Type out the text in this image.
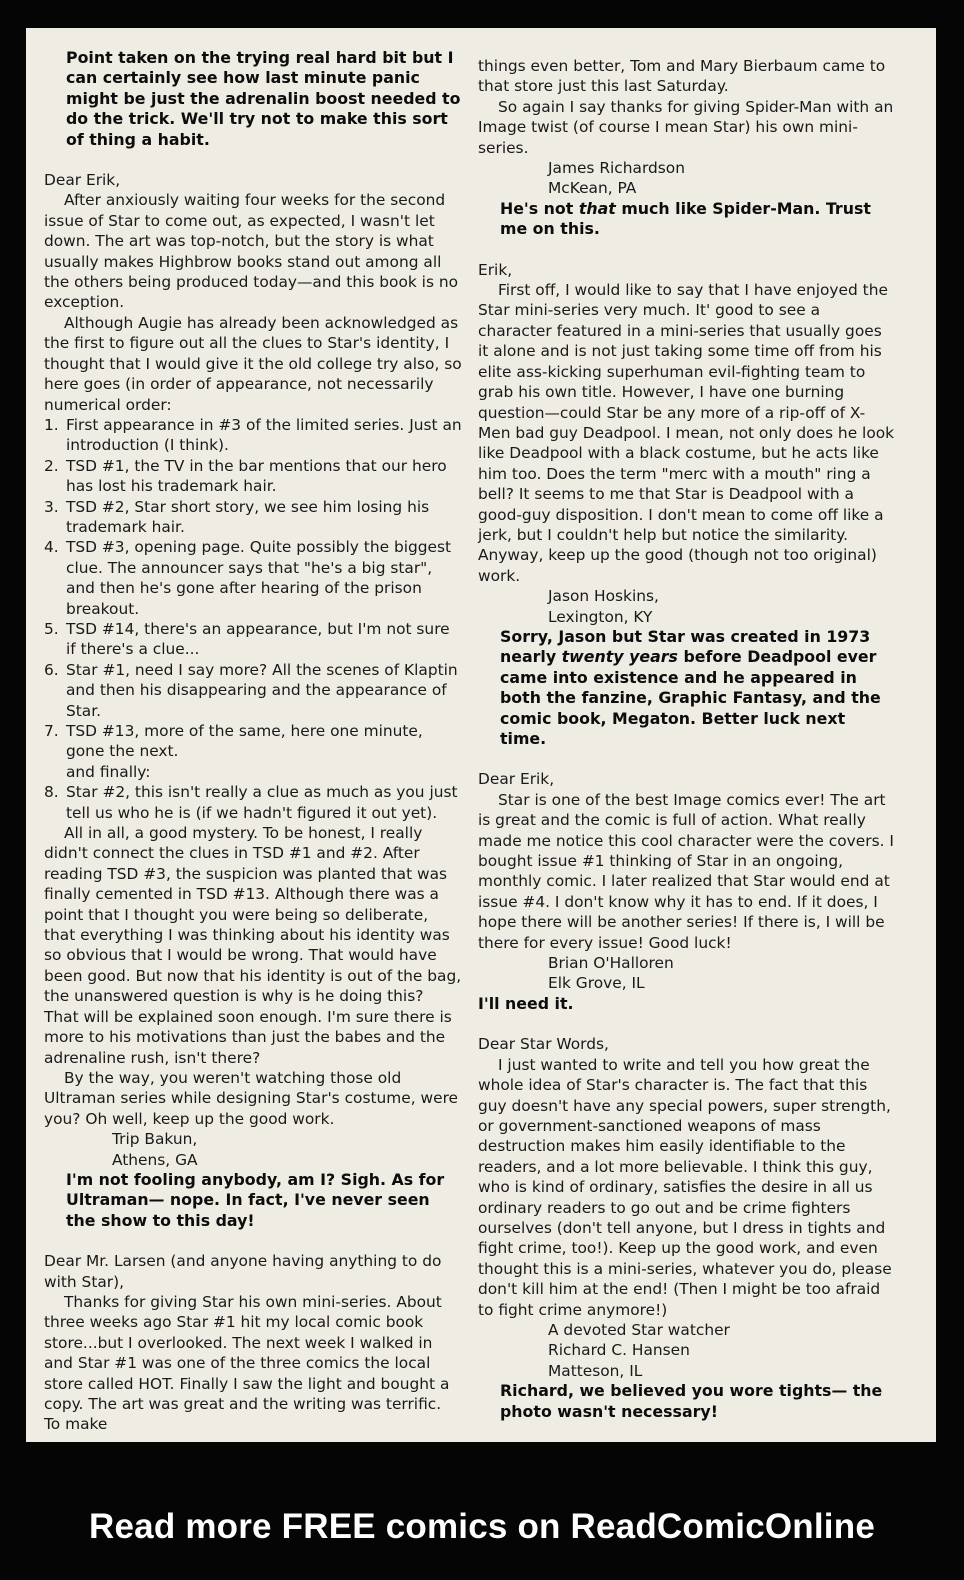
Point taken on the trying real hard bit but I can certainly see how last minute panic might be just the adrenalin boost needed to do the trick. We'll try not to make this sort of thing a habit.

Dear Erik,

After anxiously waiting four weeks for the second issue of Star to come out, as expected, I wasn't let down. The art was top-notch, but the story is what usually makes Highbrow books stand out among all the others being produced today—and this book is no exception.

Although Augie has already been acknowledged as the first to figure out all the clues to Star's identity, I thought that I would give it the old college try also, so here goes (in order of appearance, not necessarily numerical order:

1. First appearance in #3 of the limited series. Just an introduction (I think).
2. TSD #1, the TV in the bar mentions that our hero has lost his trademark hair.
3. TSD #2, Star short story, we see him losing his trademark hair.
4. TSD #3, opening page. Quite possibly the biggest clue. The announcer says that "he's a big star", and then he's gone after hearing of the prison breakout.
5. TSD #14, there's an appearance, but I'm not sure if there's a clue...
6. Star #1, need I say more? All the scenes of Klaptin and then his disappearing and the appearance of Star.
7. TSD #13, more of the same, here one minute, gone the next.
and finally:
8. Star #2, this isn't really a clue as much as you just tell us who he is (if we hadn't figured it out yet).

All in all, a good mystery. To be honest, I really didn't connect the clues in TSD #1 and #2. After reading TSD #3, the suspicion was planted that was finally cemented in TSD #13. Although there was a point that I thought you were being so deliberate, that everything I was thinking about his identity was so obvious that I would be wrong. That would have been good. But now that his identity is out of the bag, the unanswered question is why is he doing this? That will be explained soon enough. I'm sure there is more to his motivations than just the babes and the adrenaline rush, isn't there?

By the way, you weren't watching those old Ultraman series while designing Star's costume, were you? Oh well, keep up the good work.

Trip Bakun,

Athens, GA

I'm not fooling anybody, am I? Sigh. As for Ultraman— nope. In fact, I've never seen the show to this day!

Dear Mr. Larsen (and anyone having anything to do with Star),

Thanks for giving Star his own mini-series. About three weeks ago Star #1 hit my local comic book store...but I overlooked. The next week I walked in and Star #1 was one of the three comics the local store called HOT. Finally I saw the light and bought a copy. The art was great and the writing was terrific. To make

things even better, Tom and Mary Bierbaum came to that store just this last Saturday.

So again I say thanks for giving Spider-Man with an Image twist (of course I mean Star) his own mini-series.

James Richardson

McKean, PA

He's not that much like Spider-Man. Trust me on this.

Erik,

First off, I would like to say that I have enjoyed the Star mini-series very much. It' good to see a character featured in a mini-series that usually goes it alone and is not just taking some time off from his elite ass-kicking superhuman evil-fighting team to grab his own title. However, I have one burning question—could Star be any more of a rip-off of X-Men bad guy Deadpool. I mean, not only does he look like Deadpool with a black costume, but he acts like him too. Does the term "merc with a mouth" ring a bell? It seems to me that Star is Deadpool with a good-guy disposition. I don't mean to come off like a jerk, but I couldn't help but notice the similarity. Anyway, keep up the good (though not too original) work.

Jason Hoskins,

Lexington, KY

Sorry, Jason but Star was created in 1973 nearly twenty years before Deadpool ever came into existence and he appeared in both the fanzine, Graphic Fantasy, and the comic book, Megaton. Better luck next time.

Dear Erik,

Star is one of the best Image comics ever! The art is great and the comic is full of action. What really made me notice this cool character were the covers. I bought issue #1 thinking of Star in an ongoing, monthly comic. I later realized that Star would end at issue #4. I don't know why it has to end. If it does, I hope there will be another series! If there is, I will be there for every issue! Good luck!

Brian O'Halloren

Elk Grove, IL

I'll need it.

Dear Star Words,

I just wanted to write and tell you how great the whole idea of Star's character is. The fact that this guy doesn't have any special powers, super strength, or government-sanctioned weapons of mass destruction makes him easily identifiable to the readers, and a lot more believable. I think this guy, who is kind of ordinary, satisfies the desire in all us ordinary readers to go out and be crime fighters ourselves (don't tell anyone, but I dress in tights and fight crime, too!). Keep up the good work, and even thought this is a mini-series, whatever you do, please don't kill him at the end! (Then I might be too afraid to fight crime anymore!)

A devoted Star watcher

Richard C. Hansen

Matteson, IL

Richard, we believed you wore tights— the photo wasn't necessary!

Read more FREE comics on ReadComicOnline
